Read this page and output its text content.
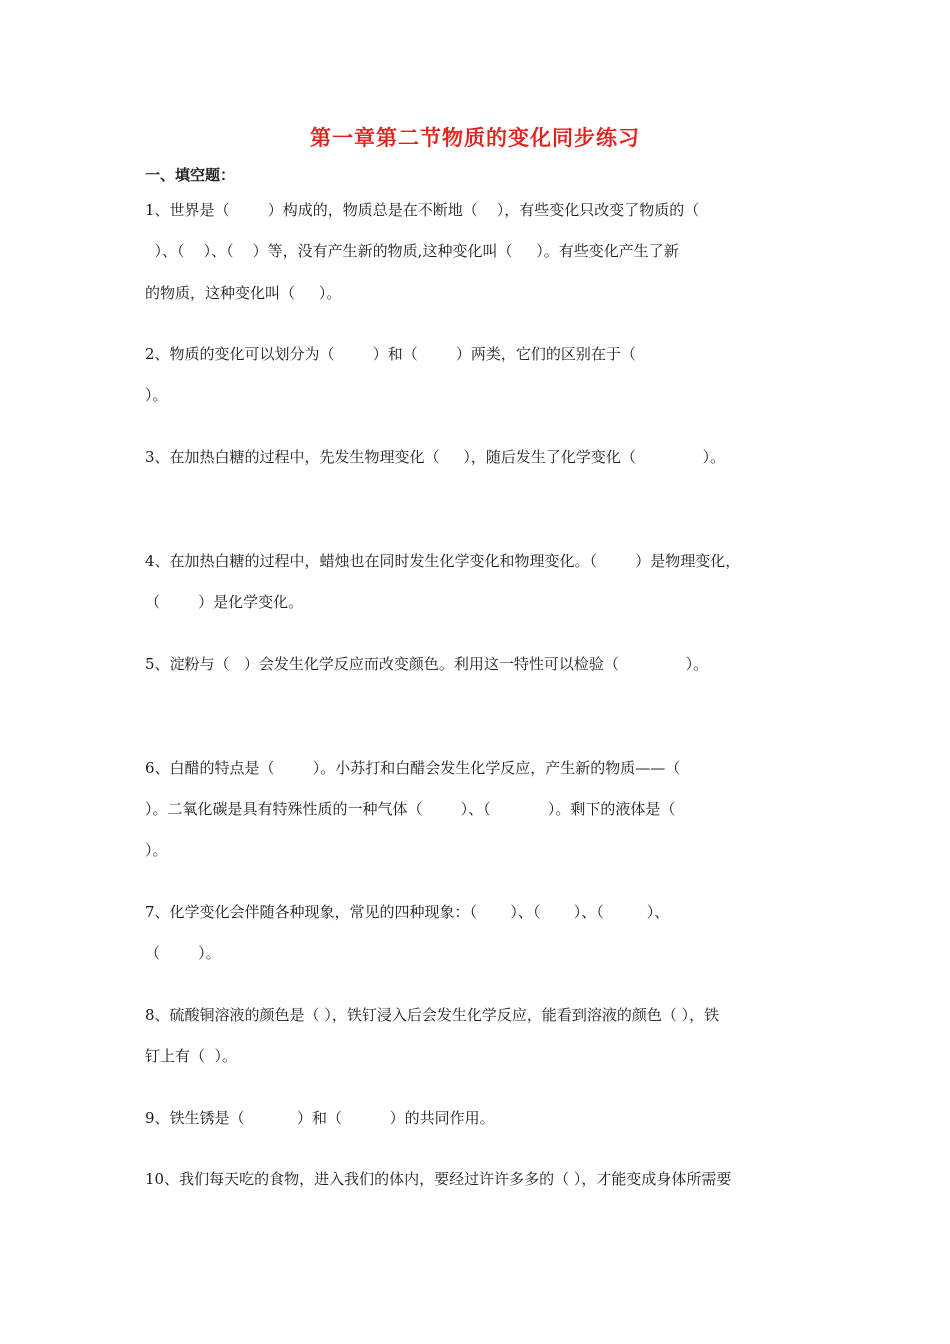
第一章第二节物质的变化同步练习
一、填空题：
1、世界是（        ）构成的，物质总是在不断地（    ），有些变化只改变了物质的（
）、（    ）、（    ）等，没有产生新的物质,这种变化叫（     ）。有些变化产生了新
的物质，这种变化叫（     ）。
2、物质的变化可以划分为（        ）和（        ）两类，它们的区别在于（
）。
3、在加热白糖的过程中，先发生物理变化（     ），随后发生了化学变化（              ）。
4、在加热白糖的过程中，蜡烛也在同时发生化学变化和物理变化。（        ）是物理变化，
（        ）是化学变化。
5、淀粉与（   ）会发生化学反应而改变颜色。利用这一特性可以检验（              ）。
6、白醋的特点是（        ）。小苏打和白醋会发生化学反应，产生新的物质——（
）。二氧化碳是具有特殊性质的一种气体（        ）、（            ）。剩下的液体是（
）。
7、化学变化会伴随各种现象，常见的四种现象：（       ）、（       ）、（         ）、
（        ）。
8、硫酸铜溶液的颜色是（ ），铁钉浸入后会发生化学反应，能看到溶液的颜色（ ），铁
钉上有（  ）。
9、铁生锈是（           ）和（          ）的共同作用。
10、我们每天吃的食物，进入我们的体内，要经过许许多多的（ ），才能变成身体所需要
